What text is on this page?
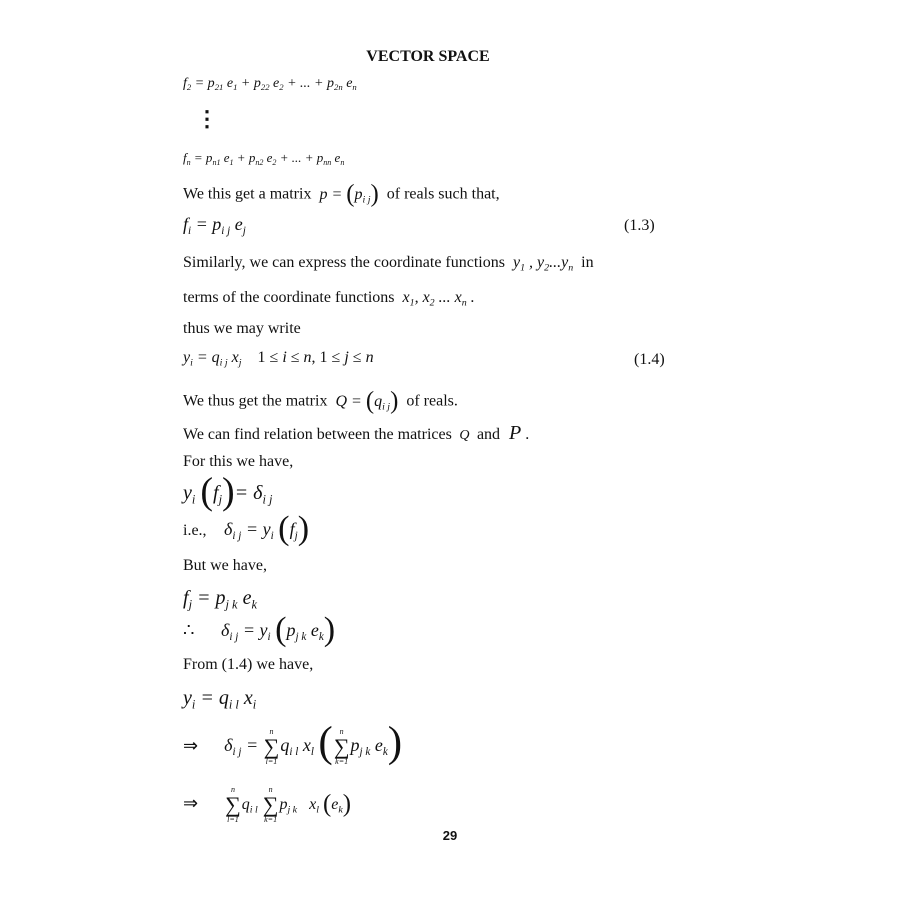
VECTOR SPACE
$f_2 = p_{21}$ $e_1 + p_{22}$ $e_2$ + ... + $p_{2n}$ $e_n$
⋮
$f_n = p_{n1}$ $e_1 + p_{n2}$ $e_2$ + ... + $p_{nn}$ $e_n$
We this get a matrix  $p = (p_{i j})$ of reals such that,
$f_i = p_{i j}$ $e_j$	(1.3)
Similarly, we can express the coordinate functions  $y_1$ , $y_2...y_n$ in
terms of the coordinate functions  $x_1$, $x_2$ ... $x_n$ .
thus we may write
$y_i = q_{i j}$ $x_j$ 1 ≤ i ≤ n, 1 ≤ j ≤ n	(1.4)
We thus get the matrix  $Q = (q_{i j})$ of reals.
We can find relation between the matrices  Q  and  P .
For this we have,
$y_i$ $(f_j)= \delta_{i j}$
i.e.,    $\delta_{i j} = y_i$ $(f_j)$
But we have,
$f_j = p_{j k}$ $e_k$
∴      $\delta_{i j} = y_i$ ($p_{j k}$ $e_k$)
From (1.4) we have,
$y_i = q_{i l}$ $x_i$
⇒ $\delta_{i j}$ =
n
∑
l=1
$q_{i l}$ $x_l$ ( n
∑
k=1
$p_{j k}$ $e_k$)
⇒
n
∑
l=1
$q_{i l}$
n
∑
k=1
$p_{j k}$   $x_l$ $(e_k)$
29
